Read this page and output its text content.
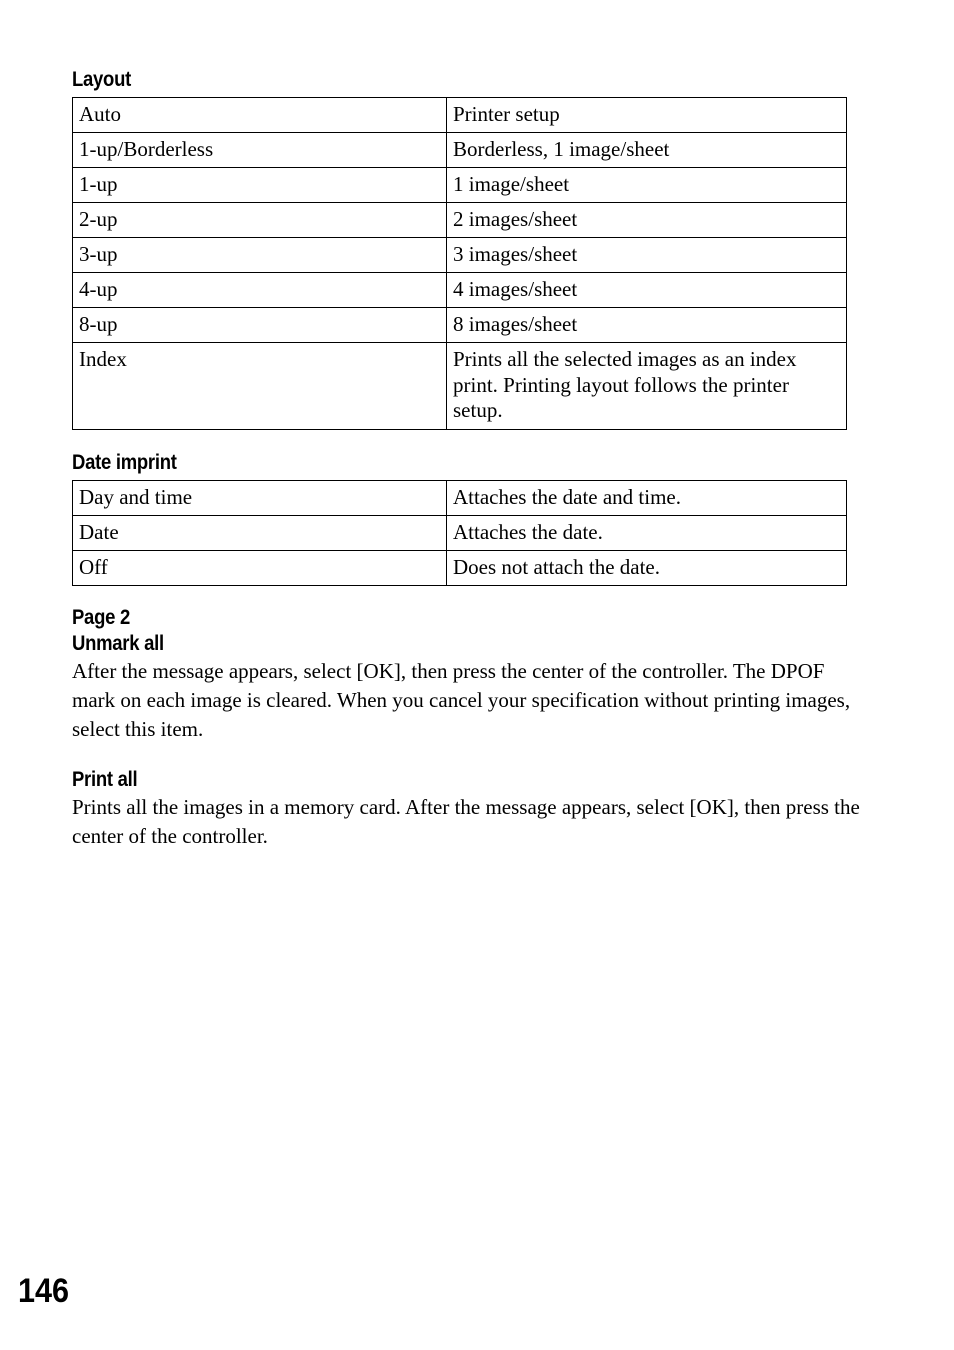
Layout
Auto	Printer setup
1-up/Borderless	Borderless, 1 image/sheet
1-up	1 image/sheet
2-up	2 images/sheet
3-up	3 images/sheet
4-up	4 images/sheet
8-up	8 images/sheet
Index	Prints all the selected images as an index print. Printing layout follows the printer setup.
Date imprint
Day and time	Attaches the date and time.
Date	Attaches the date.
Off	Does not attach the date.
Page 2
Unmark all

After the message appears, select [OK], then press the center of the controller. The DPOF mark on each image is cleared. When you cancel your specification without printing images, select this item.

Print all

Prints all the images in a memory card. After the message appears, select [OK], then press the center of the controller.

146
